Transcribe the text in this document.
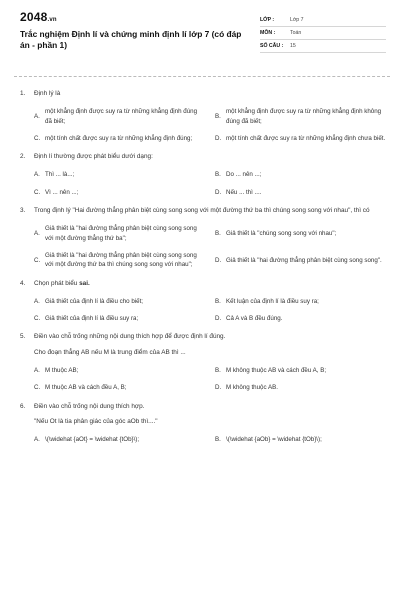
2048.vn
Trắc nghiệm Định lí và chứng minh định lí lớp 7 (có đáp án - phần 1)
LỚP :	Lớp 7
MÔN :	Toán
SỐ CÂU :	15
1.	Định lý là
A.
một khẳng định được suy ra từ những khẳng định đúng đã biết;
B.
một khẳng định được suy ra từ những khẳng định không đúng đã biết;
C. một tính chất được suy ra từ những khẳng định đúng;	D. một tính chất được suy ra từ những khẳng định chưa biết.
2.	Định lí thường được phát biểu dưới dạng:
A. Thì ... là...;	B. Do ... nên ...;
C. Vì ... nên ...;	D. Nếu ... thì ....
3.	Trong định lý "Hai đường thẳng phân biệt cùng song song với một đường thứ ba thì chúng song song với nhau", thì có
A.
Giả thiết là "hai đường thẳng phân biệt cùng song song với một đường thẳng thứ ba";
B. Giả thiết là "chúng song song với nhau";
C.
Giả thiết là "hai đường thẳng phân biệt cùng song song với một đường thứ ba thì chúng song song với nhau";
D. Giả thiết là "hai đường thẳng phân biệt cùng song song".
4.	Chọn phát biểu sai.
A. Giả thiết của định lí là điều cho biết;	B. Kết luận của định lí là điều suy ra;
C. Giả thiết của định lí là điều suy ra;	D. Cả A và B đều đúng.
5.	Điền vào chỗ trống những nội dung thích hợp để được định lí đúng.
Cho đoạn thẳng AB nếu M là trung điểm của AB thì ...
A. M thuộc AB;	B. M không thuộc AB và cách đều A, B;
C. M thuộc AB và cách đều A, B;	D. M không thuộc AB.
6.	Điền vào chỗ trống nội dung thích hợp.
"Nếu Ot là tia phân giác của góc aOb thì...."
A. \(\widehat {aOt} = \widehat {tOb}\);	B. \(\widehat {aOb} = \widehat {tOb}\);
